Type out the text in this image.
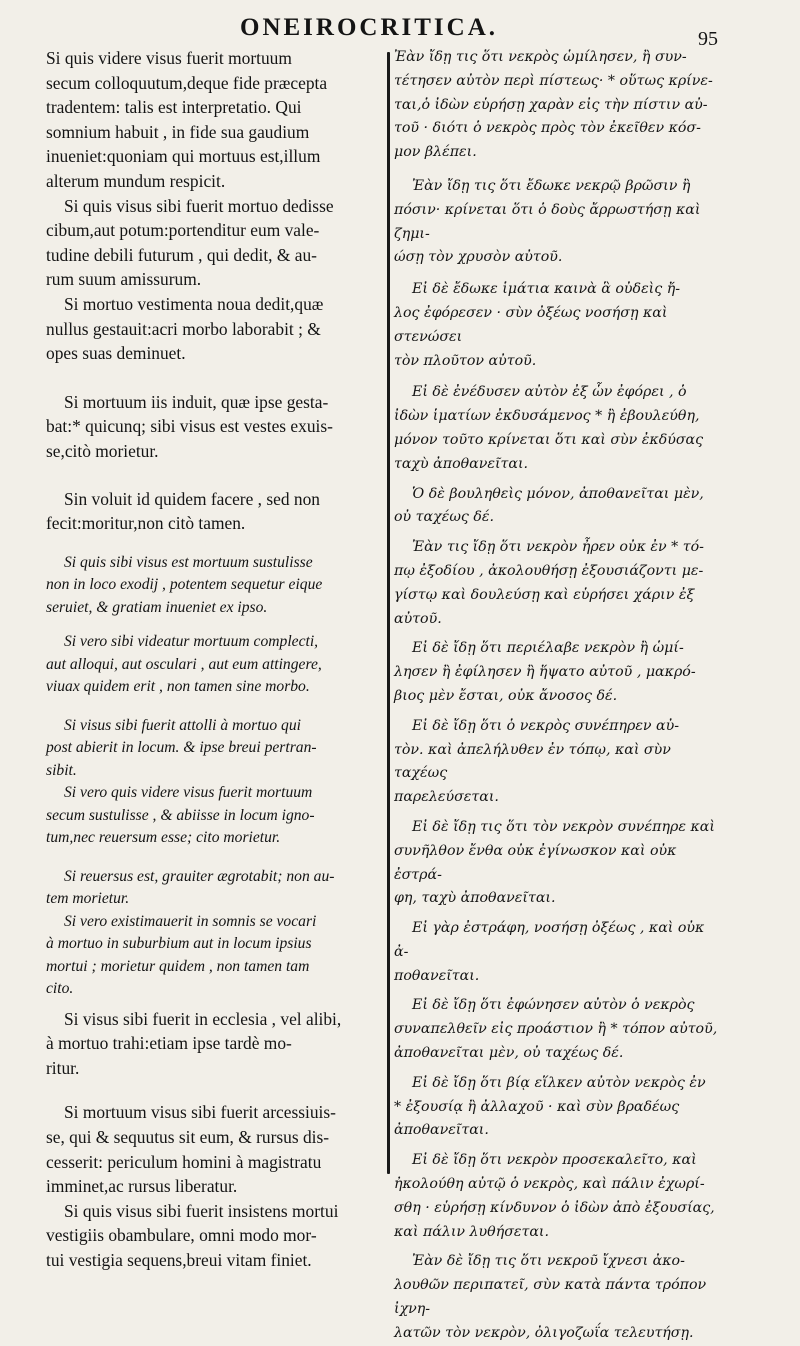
ONEIROCRITICA.	95

Si quis videre visus fuerit mortuum
secum colloquutum,deque fide præcepta
tradentem: talis est interpretatio. Qui
somnium habuit , in fide sua gaudium
inueniet:quoniam qui mortuus est,illum
alterum mundum respicit.

Si quis visus sibi fuerit mortuo dedisse
cibum,aut potum:portenditur eum vale-
tudine debili futurum , qui dedit, & au-
rum suum amissurum.

Si mortuo vestimenta noua dedit,quæ
nullus gestauit:acri morbo laborabit ; &
opes suas deminuet.

Si mortuum iis induit, quæ ipse gesta-
bat:* quicunq; sibi visus est vestes exuis-
se,citò morietur.

Sin voluit id quidem facere , sed non
fecit:moritur,non citò tamen.

Si quis sibi visus est mortuum sustulisse
non in loco exodij , potentem sequetur eique
seruiet, & gratiam inueniet ex ipso.

Si vero sibi videatur mortuum complecti,
aut alloqui, aut osculari , aut eum attingere,
viuax quidem erit , non tamen sine morbo.

Si visus sibi fuerit attolli à mortuo qui
post abierit in locum. & ipse breui pertran-
sibit.

Si vero quis videre visus fuerit mortuum
secum sustulisse , & abiisse in locum igno-
tum,nec reuersum esse; cito morietur.

Si reuersus est, grauiter ægrotabit; non au-
tem morietur.

Si vero existimauerit in somnis se vocari
à mortuo in suburbium aut in locum ipsius
mortui ; morietur quidem , non tamen tam
cito.

Si visus sibi fuerit in ecclesia , vel alibi,
à mortuo trahi:etiam ipse tardè mo-
ritur.

Si mortuum visus sibi fuerit arcessiuis-
se, qui & sequutus sit eum, & rursus dis-
cesserit: periculum homini à magistratu
imminet,ac rursus liberatur.

Si quis visus sibi fuerit insistens mortui
vestigiis obambulare, omni modo mor-
tui vestigia sequens,breui vitam finiet.

Ἐὰν ἴδῃ τις ὅτι νεκρὸς ὡμίλησεν, ἢ συν-
τέτησεν αὐτὸν περὶ πίστεως· * οὕτως κρίνε-
ται,ὁ ἰδὼν εὑρήσῃ χαρὰν εἰς τὴν πίστιν αὐ-
τοῦ · διότι ὁ νεκρὸς πρὸς τὸν ἐκεῖθεν κόσ-
μον βλέπει.

Ἐὰν ἴδῃ τις ὅτι ἔδωκε νεκρῷ βρῶσιν ἢ
πόσιν· κρίνεται ὅτι ὁ δοὺς ἄρρωστήσῃ καὶ ζημι-
ώσῃ τὸν χρυσὸν αὐτοῦ.

Εἰ δὲ ἔδωκε ἱμάτια καινὰ ἃ οὐδεὶς ἤ-
λος ἐφόρεσεν · σὺν ὀξέως νοσήσῃ καὶ στενώσει
τὸν πλοῦτον αὐτοῦ.

Εἰ δὲ ἐνέδυσεν αὐτὸν ἐξ ὧν ἐφόρει , ὁ
ἰδὼν ἱματίων ἐκδυσάμενος * ἢ ἐβουλεύθη,
μόνον τοῦτο κρίνεται ὅτι καὶ σὺν ἐκδύσας
ταχὺ ἀποθανεῖται.

Ὁ δὲ βουληθεὶς μόνον, ἀποθανεῖται μὲν,
οὐ ταχέως δέ.

Ἐὰν τις ἴδῃ ὅτι νεκρὸν ἦρεν οὐκ ἐν * τό-
πῳ ἐξοδίου , ἀκολουθήσῃ ἐξουσιάζοντι με-
γίστῳ καὶ δουλεύσῃ καὶ εὑρήσει χάριν ἐξ αὐτοῦ.

Εἰ δὲ ἴδῃ ὅτι περιέλαβε νεκρὸν ἢ ὡμί-
λησεν ἢ ἐφίλησεν ἢ ἥψατο αὐτοῦ , μακρό-
βιος μὲν ἔσται, οὐκ ἄνοσος δέ.

Εἰ δὲ ἴδῃ ὅτι ὁ νεκρὸς συνέπηρεν αὐ-
τὸν. καὶ ἀπελήλυθεν ἐν τόπῳ, καὶ σὺν ταχέως
παρελεύσεται.

Εἰ δὲ ἴδῃ τις ὅτι τὸν νεκρὸν συνέπηρε καὶ
συνῆλθον ἔνθα οὐκ ἐγίνωσκον καὶ οὐκ ἐστρά-
φη, ταχὺ ἀποθανεῖται.

Εἰ γὰρ ἐστράφη, νοσήσῃ ὀξέως , καὶ οὐκ ἀ-
ποθανεῖται.

Εἰ δὲ ἴδῃ ὅτι ἐφώνησεν αὐτὸν ὁ νεκρὸς
συναπελθεῖν εἰς προάστιον ἢ * τόπον αὐτοῦ,
ἀποθανεῖται μὲν, οὐ ταχέως δέ.

Εἰ δὲ ἴδῃ ὅτι βίᾳ εἵλκεν αὐτὸν νεκρὸς ἐν
* ἐξουσίᾳ ἢ ἀλλαχοῦ · καὶ σὺν βραδέως
ἀποθανεῖται.

Εἰ δὲ ἴδῃ ὅτι νεκρὸν προσεκαλεῖτο, καὶ
ἠκολούθη αὐτῷ ὁ νεκρὸς, καὶ πάλιν ἐχωρί-
σθη · εὑρήσῃ κίνδυνον ὁ ἰδὼν ἀπὸ ἐξουσίας,
καὶ πάλιν λυθήσεται.

Ἐὰν δὲ ἴδῃ τις ὅτι νεκροῦ ἴχνεσι ἀκο-
λουθῶν περιπατεῖ, σὺν κατὰ πάντα τρόπον ἰχνη-
λατῶν τὸν νεκρὸν, ὀλιγοζωΐα τελευτήσῃ.
